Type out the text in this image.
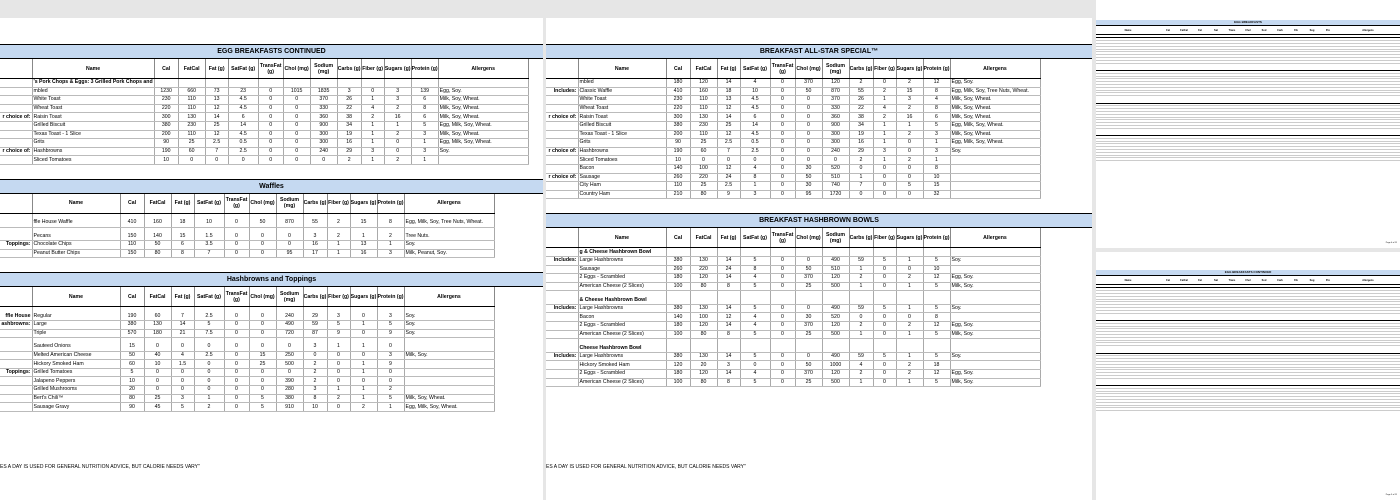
EGG BREAKFASTS CONTINUED
	Name	Cal	FatCal	Fat (g)	SatFat (g)	TransFat (g)	Chol (mg)	Sodium (mg)	Carbs (g)	Fiber (g)	Sugars (g)	Protein (g)	Allergens
	's Pork Chops & Eggs: 3 Grilled Pork Chops and												
	mbled	1230	660	73	23	0	1015	1835	3	0	3	139	Egg, Soy.
	White Toast	230	110	13	4.5	0	0	370	26	1	3	6	Milk, Soy, Wheat.
	Wheat Toast	220	110	12	4.5	0	0	330	22	4	2	8	Milk, Soy, Wheat.
r choice of:	Raisin Toast	300	130	14	6	0	0	360	38	2	16	6	Milk, Soy, Wheat.
	Grilled Biscuit	380	230	25	14	0	0	900	34	1	1	5	Egg, Milk, Soy, Wheat.
	Texas Toast - 1 Slice	200	110	12	4.5	0	0	300	19	1	2	3	Milk, Soy, Wheat.
	Grits	90	25	2.5	0.5	0	0	300	16	1	0	1	Egg, Milk, Soy, Wheat.
r choice of:	Hashbrowns	190	60	7	2.5	0	0	240	29	3	0	3	Soy.
	Sliced Tomatoes	10	0	0	0	0	0	0	2	1	2	1	
Waffles
	Name	Cal	FatCal	Fat (g)	SatFat (g)	TransFat (g)	Chol (mg)	Sodium (mg)	Carbs (g)	Fiber (g)	Sugars (g)	Protein (g)	Allergens

	ffle House Waffle	410	160	18	10	0	50	870	55	2	15	8	Egg, Milk, Soy, Tree Nuts, Wheat.

	Pecans	150	140	15	1.5	0	0	0	3	2	1	2	Tree Nuts.
Toppings:	Chocolate Chips	110	50	6	3.5	0	0	0	16	1	13	1	Soy.
	Peanut Butter Chips	150	80	8	7	0	0	95	17	1	16	3	Milk, Peanut, Soy.
Hashbrowns and Toppings
	Name	Cal	FatCal	Fat (g)	SatFat (g)	TransFat (g)	Chol (mg)	Sodium (mg)	Carbs (g)	Fiber (g)	Sugars (g)	Protein (g)	Allergens

ffle House	Regular	190	60	7	2.5	0	0	240	29	3	0	3	Soy.
ashbrowns:	Large	380	130	14	5	0	0	490	59	5	1	5	Soy.
	Triple	570	180	21	7.5	0	0	720	87	9	0	9	Soy.

	Sauteed Onions	15	0	0	0	0	0	0	3	1	1	0	
	Melted American Cheese	50	40	4	2.5	0	15	250	0	0	0	3	Milk, Soy.
	Hickory Smoked Ham	60	10	1.5	0	0	25	500	2	0	1	9	
Toppings:	Grilled Tomatoes	5	0	0	0	0	0	0	2	0	1	0	
	Jalapeno Peppers	10	0	0	0	0	0	390	2	0	0	0	
	Grilled Mushrooms	20	0	0	0	0	0	280	3	1	1	2	
	Bert's Chili™	80	25	3	1	0	5	380	8	2	1	5	Milk, Soy, Wheat.
	Sausage Gravy	90	45	5	2	0	5	910	10	0	2	1	Egg, Milk, Soy, Wheat.
ES A DAY IS USED FOR GENERAL NUTRITION ADVICE, BUT CALORIE NEEDS VARY"
BREAKFAST ALL-STAR SPECIAL™
	Name	Cal	FatCal	Fat (g)	SatFat (g)	TransFat (g)	Chol (mg)	Sodium (mg)	Carbs (g)	Fiber (g)	Sugars (g)	Protein (g)	Allergens
	mbled	180	120	14	4	0	370	120	2	0	2	12	Egg, Soy.
Includes:	Classic Waffle	410	160	18	10	0	50	870	55	2	15	8	Egg, Milk, Soy, Tree Nuts, Wheat.
	White Toast	230	110	13	4.5	0	0	370	26	1	3	4	Milk, Soy, Wheat.
	Wheat Toast	220	110	12	4.5	0	0	330	22	4	2	8	Milk, Soy, Wheat.
r choice of:	Raisin Toast	300	130	14	6	0	0	360	38	2	16	6	Milk, Soy, Wheat.
	Grilled Biscuit	380	230	25	14	0	0	900	34	1	1	5	Egg, Milk, Soy, Wheat.
	Texas Toast - 1 Slice	200	110	12	4.5	0	0	300	19	1	2	3	Milk, Soy, Wheat.
	Grits	90	25	2.5	0.5	0	0	300	16	1	0	1	Egg, Milk, Soy, Wheat.
r choice of:	Hashbrowns	190	60	7	2.5	0	0	240	29	3	0	3	Soy.
	Sliced Tomatoes	10	0	0	0	0	0	0	2	1	2	1	
	Bacon	140	100	12	4	0	30	520	0	0	0	8	
r choice of:	Sausage	260	220	24	8	0	50	510	1	0	0	10	
	City Ham	110	25	2.5	1	0	30	740	7	0	5	15	
	Country Ham	210	80	9	3	0	95	1720	0	0	0	32	
BREAKFAST HASHBROWN BOWLS
	Name	Cal	FatCal	Fat (g)	SatFat (g)	TransFat (g)	Chol (mg)	Sodium (mg)	Carbs (g)	Fiber (g)	Sugars (g)	Protein (g)	Allergens
	g & Cheese Hashbrown Bowl												
Includes:	Large Hashbrowns	380	130	14	5	0	0	490	59	5	1	5	Soy.
	Sausage	260	220	24	8	0	50	510	1	0	0	10	
	2 Eggs - Scrambled	180	120	14	4	0	370	120	2	0	2	12	Egg, Soy.
	American Cheese (2 Slices)	100	80	8	5	0	25	500	1	0	1	5	Milk, Soy.

	& Cheese Hashbrown Bowl												
Includes:	Large Hashbrowns	380	130	14	5	0	0	490	59	5	1	5	Soy.
	Bacon	140	100	12	4	0	30	520	0	0	0	8	
	2 Eggs - Scrambled	180	120	14	4	0	370	120	2	0	2	12	Egg, Soy.
	American Cheese (2 Slices)	100	80	8	5	0	25	500	1	0	1	5	Milk, Soy.

	Cheese Hashbrown Bowl												
Includes:	Large Hashbrowns	380	130	14	5	0	0	490	59	5	1	5	Soy.
	Hickory Smoked Ham	120	20	3	0	0	50	1000	4	0	2	18	
	2 Eggs - Scrambled	180	120	14	4	0	370	120	2	0	2	12	Egg, Soy.
	American Cheese (2 Slices)	100	80	8	5	0	25	500	1	0	1	5	Milk, Soy.
ES A DAY IS USED FOR GENERAL NUTRITION ADVICE, BUT CALORIE NEEDS VARY"
EGG BREAKFASTS
Name	Cal	FatCal	Fat	Sat	Trans	Chol	Sod	Carb	Fib	Sug	Pro	Allergens
Page 4 of 11
EGG BREAKFASTS CONTINUED
Name	Cal	FatCal	Fat	Sat	Trans	Chol	Sod	Carb	Fib	Sug	Pro	Allergens
Page 5 of 11
